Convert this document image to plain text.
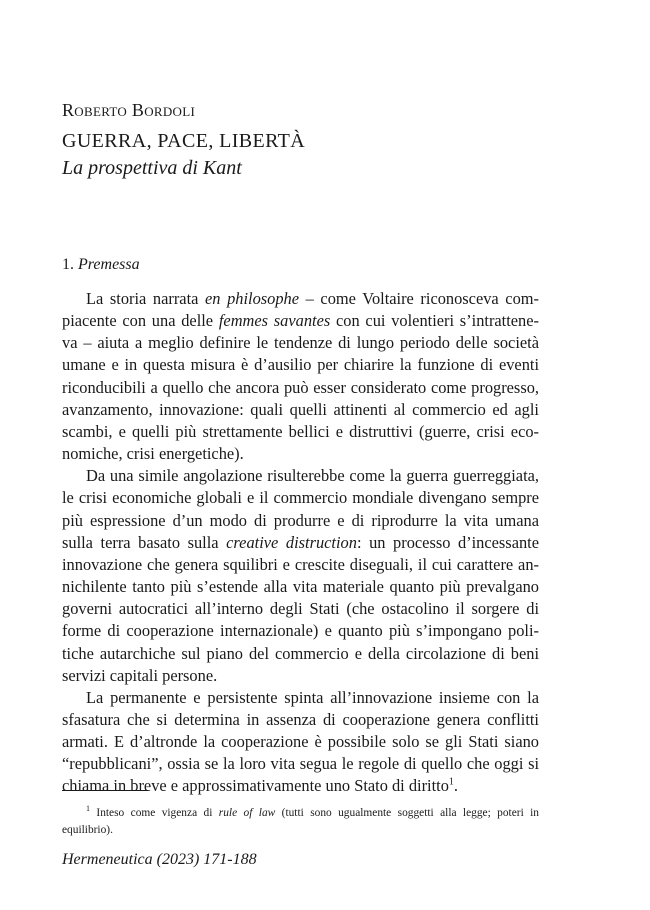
Roberto Bordoli
GUERRA, PACE, LIBERTÀ
La prospettiva di Kant
1. Premessa
La storia narrata en philosophe – come Voltaire riconosceva com-
piacente con una delle femmes savantes con cui volentieri s’intrattene-
va – aiuta a meglio definire le tendenze di lungo periodo delle società
umane e in questa misura è d’ausilio per chiarire la funzione di eventi
riconducibili a quello che ancora può esser considerato come progresso,
avanzamento, innovazione: quali quelli attinenti al commercio ed agli
scambi, e quelli più strettamente bellici e distruttivi (guerre, crisi eco-
nomiche, crisi energetiche).
Da una simile angolazione risulterebbe come la guerra guerreggiata,
le crisi economiche globali e il commercio mondiale divengano sempre
più espressione d’un modo di produrre e di riprodurre la vita umana
sulla terra basato sulla creative distruction: un processo d’incessante
innovazione che genera squilibri e crescite diseguali, il cui carattere an-
nichilente tanto più s’estende alla vita materiale quanto più prevalgano
governi autocratici all’interno degli Stati (che ostacolino il sorgere di
forme di cooperazione internazionale) e quanto più s’impongano poli-
tiche autarchiche sul piano del commercio e della circolazione di beni
servizi capitali persone.
La permanente e persistente spinta all’innovazione insieme con la
sfasatura che si determina in assenza di cooperazione genera conflitti
armati. E d’altronde la cooperazione è possibile solo se gli Stati siano
“repubblicani”, ossia se la loro vita segua le regole di quello che oggi si
chiama in breve e approssimativamente uno Stato di diritto$^1$.
$^1$ Inteso come vigenza di rule of law (tutti sono ugualmente soggetti alla legge; poteri in
equilibrio).
Hermeneutica (2023) 171-188
